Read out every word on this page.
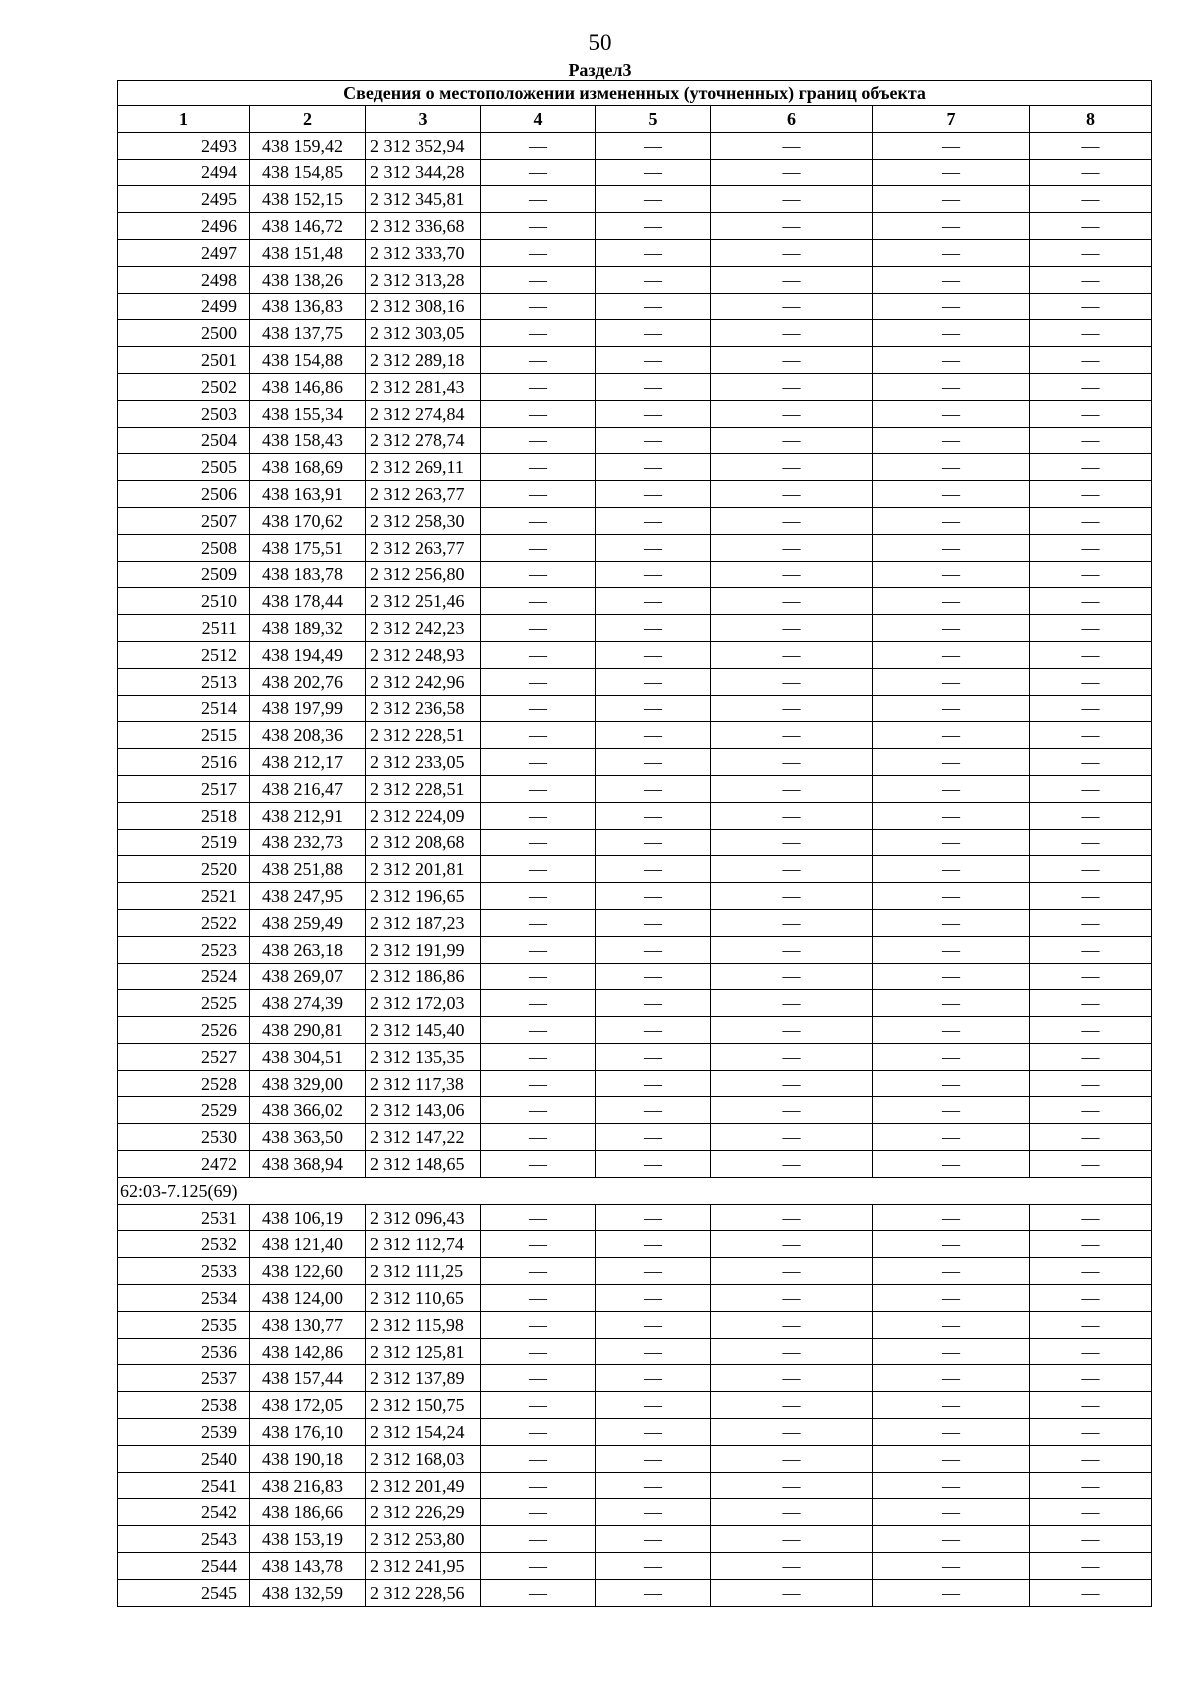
50
Раздел3
Сведения о местоположении измененных (уточненных) границ объекта							
1	2	3	4	5	6	7	8
2493	438 159,42	2 312 352,94	—	—	—	—	—
2494	438 154,85	2 312 344,28	—	—	—	—	—
2495	438 152,15	2 312 345,81	—	—	—	—	—
2496	438 146,72	2 312 336,68	—	—	—	—	—
2497	438 151,48	2 312 333,70	—	—	—	—	—
2498	438 138,26	2 312 313,28	—	—	—	—	—
2499	438 136,83	2 312 308,16	—	—	—	—	—
2500	438 137,75	2 312 303,05	—	—	—	—	—
2501	438 154,88	2 312 289,18	—	—	—	—	—
2502	438 146,86	2 312 281,43	—	—	—	—	—
2503	438 155,34	2 312 274,84	—	—	—	—	—
2504	438 158,43	2 312 278,74	—	—	—	—	—
2505	438 168,69	2 312 269,11	—	—	—	—	—
2506	438 163,91	2 312 263,77	—	—	—	—	—
2507	438 170,62	2 312 258,30	—	—	—	—	—
2508	438 175,51	2 312 263,77	—	—	—	—	—
2509	438 183,78	2 312 256,80	—	—	—	—	—
2510	438 178,44	2 312 251,46	—	—	—	—	—
2511	438 189,32	2 312 242,23	—	—	—	—	—
2512	438 194,49	2 312 248,93	—	—	—	—	—
2513	438 202,76	2 312 242,96	—	—	—	—	—
2514	438 197,99	2 312 236,58	—	—	—	—	—
2515	438 208,36	2 312 228,51	—	—	—	—	—
2516	438 212,17	2 312 233,05	—	—	—	—	—
2517	438 216,47	2 312 228,51	—	—	—	—	—
2518	438 212,91	2 312 224,09	—	—	—	—	—
2519	438 232,73	2 312 208,68	—	—	—	—	—
2520	438 251,88	2 312 201,81	—	—	—	—	—
2521	438 247,95	2 312 196,65	—	—	—	—	—
2522	438 259,49	2 312 187,23	—	—	—	—	—
2523	438 263,18	2 312 191,99	—	—	—	—	—
2524	438 269,07	2 312 186,86	—	—	—	—	—
2525	438 274,39	2 312 172,03	—	—	—	—	—
2526	438 290,81	2 312 145,40	—	—	—	—	—
2527	438 304,51	2 312 135,35	—	—	—	—	—
2528	438 329,00	2 312 117,38	—	—	—	—	—
2529	438 366,02	2 312 143,06	—	—	—	—	—
2530	438 363,50	2 312 147,22	—	—	—	—	—
2472	438 368,94	2 312 148,65	—	—	—	—	—
62:03-7.125(69)							
2531	438 106,19	2 312 096,43	—	—	—	—	—
2532	438 121,40	2 312 112,74	—	—	—	—	—
2533	438 122,60	2 312 111,25	—	—	—	—	—
2534	438 124,00	2 312 110,65	—	—	—	—	—
2535	438 130,77	2 312 115,98	—	—	—	—	—
2536	438 142,86	2 312 125,81	—	—	—	—	—
2537	438 157,44	2 312 137,89	—	—	—	—	—
2538	438 172,05	2 312 150,75	—	—	—	—	—
2539	438 176,10	2 312 154,24	—	—	—	—	—
2540	438 190,18	2 312 168,03	—	—	—	—	—
2541	438 216,83	2 312 201,49	—	—	—	—	—
2542	438 186,66	2 312 226,29	—	—	—	—	—
2543	438 153,19	2 312 253,80	—	—	—	—	—
2544	438 143,78	2 312 241,95	—	—	—	—	—
2545	438 132,59	2 312 228,56	—	—	—	—	—
